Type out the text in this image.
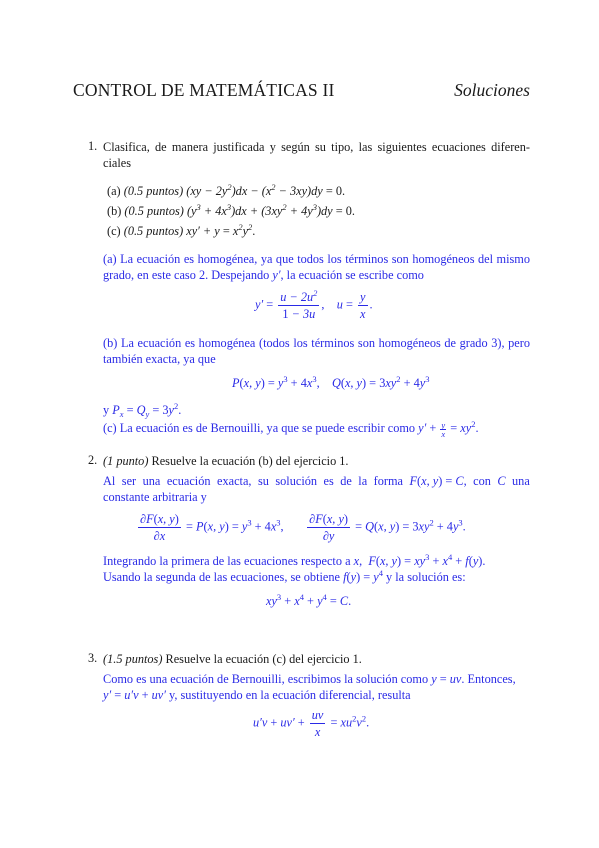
CONTROL DE MATEMÁTICAS II	Soluciones
1. Clasifica, de manera justificada y según su tipo, las siguientes ecuaciones diferen-
ciales
(a) (0.5 puntos) $(xy - 2y^2)dx - (x^2 - 3xy)dy = 0$.
(b) (0.5 puntos) $(y^3 + 4x^3)dx + (3xy^2 + 4y^3)dy = 0$.
(c) (0.5 puntos) $xy' + y = x^2y^2$.
(a) La ecuación es homogénea, ya que todos los términos son homogéneos del mismo
grado, en este caso 2. Despejando y′, la ecuación se escribe como
$y' = \frac{u - 2u^2}{1 - 3u}$ ,    $u = \frac{y}{x}$ .
(b) La ecuación es homogénea (todos los términos son homogéneos de grado 3), pero
también exacta, ya que
P(x, $y) = y^3 + 4x^3$,    Q(x, $y) = 3xy^2 + 4y^3$
y $P_x = Q_y = 3y^2$.
(c) La ecuación es de Bernouilli, ya que se puede escribir como $y' + \frac{y}{x} = xy^2$.
2. (1 punto) Resuelve la ecuación (b) del ejercicio 1.
Al ser una ecuación exacta, su solución es de la forma F(x, y) = C, con C una
constante arbitraria y
$\frac{\partial F(x, y)}{\partial x} = P(x$, $y) = y^3 + 4x^3$, $\frac{\partial F(x, y)}{\partial y} = Q(x$, $y) = 3xy^2 + 4y^3$.
Integrando la primera de las ecuaciones respecto a x,  F(x, $y) = xy^3 + x^4 + f(y)$.
Usando la segunda de las ecuaciones, se obtiene $f(y) = y^4$ y la solución es:
$xy^3 + x^4 + y^4 = C$.
3. (1.5 puntos) Resuelve la ecuación (c) del ejercicio 1.
Como es una ecuación de Bernouilli, escribimos la solución como y = uv. Entonces,
y′ = u′v + uv′ y, sustituyendo en la ecuación diferencial, resulta
$u'v + uv' + \frac{uv}{x} = xu^2v^2$.
